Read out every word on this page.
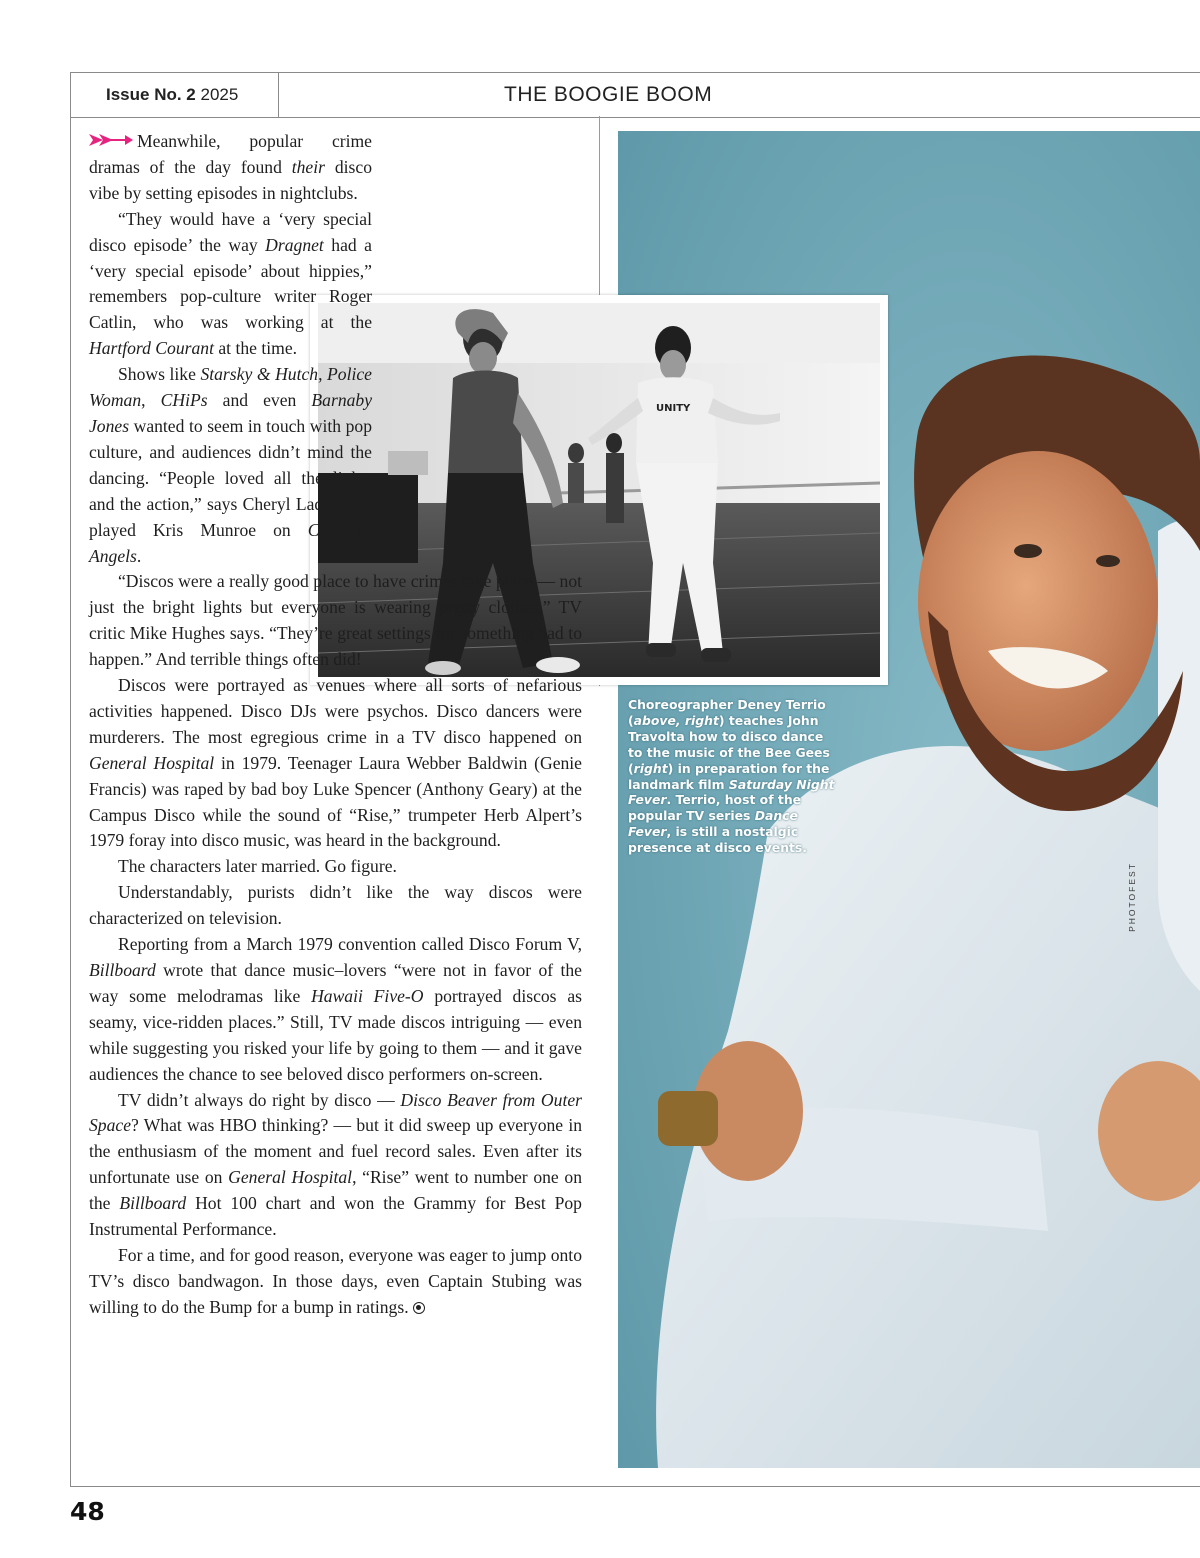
Issue No. 2 2025	THE BOOGIE BOOM
PHOTOFEST
UNITY

Meanwhile, popular crime dramas of the day found their disco vibe by setting episodes in nightclubs.

“They would have a ‘very special disco episode’ the way Dragnet had a ‘very special episode’ about hippies,” remembers pop-culture writer Roger Catlin, who was working at the Hartford Courant at the time.

Shows like Starsky & Hutch, Police Woman, CHiPs and even Barnaby Jones wanted to seem in touch with pop culture, and audiences didn’t mind the dancing. “People loved all the lights and the action,” says Cheryl Ladd, who played Kris Munroe on Charlie’s Angels.

“Discos were a really good place to have crimes take place — not just the bright lights but everyone is wearing pretty clothes,” TV critic Mike Hughes says. “They’re great settings for something bad to happen.” And terrible things often did!

Discos were portrayed as venues where all sorts of nefarious activities happened. Disco DJs were psychos. Disco dancers were murderers. The most egregious crime in a TV disco happened on General Hospital in 1979. Teenager Laura Webber Baldwin (Genie Francis) was raped by bad boy Luke Spencer (Anthony Geary) at the Campus Disco while the sound of “Rise,” trumpeter Herb Alpert’s 1979 foray into disco music, was heard in the background.

The characters later married. Go figure.

Understandably, purists didn’t like the way discos were characterized on television.

Reporting from a March 1979 convention called Disco Forum V, Billboard wrote that dance music–lovers “were not in favor of the way some melodramas like Hawaii Five-O portrayed discos as seamy, vice-ridden places.” Still, TV made discos intriguing — even while suggesting you risked your life by going to them — and it gave audiences the chance to see beloved disco performers on-screen.

TV didn’t always do right by disco — Disco Beaver from Outer Space? What was HBO thinking? — but it did sweep up everyone in the enthusiasm of the moment and fuel record sales. Even after its unfortunate use on General Hospital, “Rise” went to number one on the Billboard Hot 100 chart and won the Grammy for Best Pop Instrumental Performance.

For a time, and for good reason, everyone was eager to jump onto TV’s disco bandwagon. In those days, even Captain Stubing was willing to do the Bump for a bump in ratings.

Choreographer Deney Terrio (above, right) teaches John Travolta how to disco dance to the music of the Bee Gees (right) in preparation for the landmark film Saturday Night Fever. Terrio, host of the popular TV series Dance Fever, is still a nostalgic presence at disco events.
48
